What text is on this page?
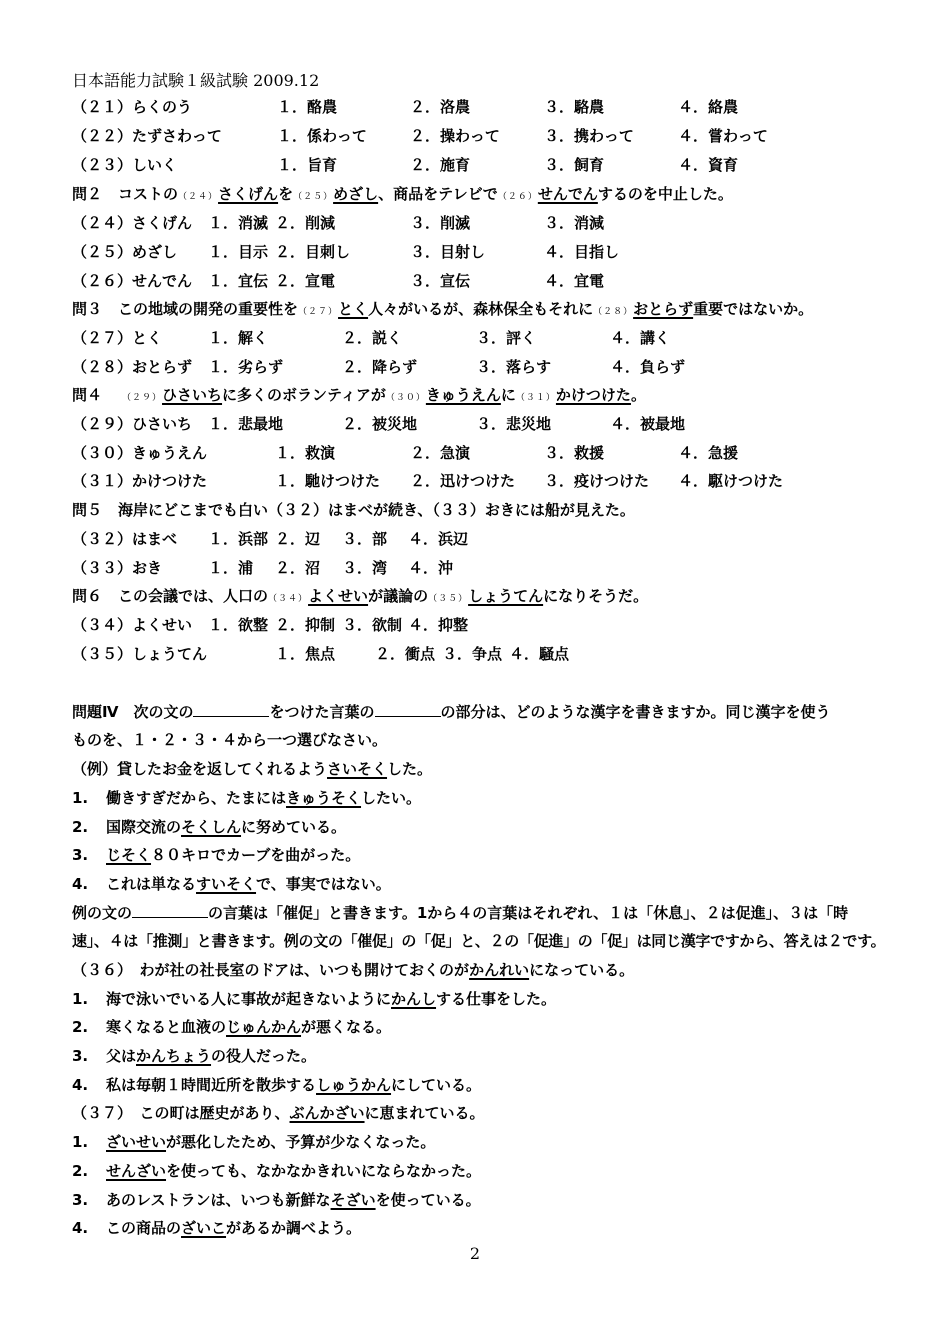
日本語能力試験１級試験 2009.12
（２１）らくのう	１．酪農	２．洛農	３．駱農	４．絡農
（２２）たずさわって	１．係わって	２．操わって	３．携わって	４．嘗わって
（２３）しいく	１．旨育	２．施育	３．飼育	４．資育
問２ コストの（２４）さくげんを（２５）めざし、商品をテレビで（２６）せんでんするのを中止した。
（２４）さくげん １．消滅 ２．削減	３．削滅	３．消減
（２５）めざし １．目示 ２．目刺し	３．目射し	４．目指し
（２６）せんでん １．宜伝 ２．宣電	３．宣伝	４．宜電
問３ この地域の開発の重要性を（２７）とく人々がいるが、森林保全もそれに（２８）おとらず重要ではないか。
（２７）とく	１．解く	２．説く	３．評く	４．講く
（２８）おとらず １．劣らず	２．降らず	３．落らす	４．負らず
問４ （２９）ひさいちに多くのボランティアが（３０）きゅうえんに（３１）かけつけた。
（２９）ひさいち １．悲最地	２．被災地	３．悲災地	４．被最地
（３０）きゅうえん	１．救演	２．急演	３．救援	４．急援
（３１）かけつけた	１．馳けつけた ２．迅けつけた ３．疫けつけた ４．駆けつけた
問５ 海岸にどこまでも白い（３２）はまべが続き、（３３）おきには船が見えた。
（３２）はまべ １．浜部 ２．辺 ３．部 ４．浜辺
（３３）おき	１．浦 ２．沼 ３．湾 ４．沖
問６ この会議では、人口の（３４）よくせいが議論の（３５）しょうてんになりそうだ。
（３４）よくせい １．欲整 ２．抑制 ３．欲制 ４．抑整
（３５）しょうてん	１．焦点	２．衝点 ３．争点 ４．騒点
問題Ⅳ　次の文の	をつけた言葉の	の部分は、どのような漢字を書きますか。同じ漢字を使う
ものを、１・２・３・４から一つ選びなさい。
（例）貸したお金を返してくれるようさいそくした。
1. 働きすぎだから、たまにはきゅうそくしたい。
2. 国際交流のそくしんに努めている。
3. じそく８０キロでカーブを曲がった。
4. これは単なるすいそくで、事実ではない。
例の文の	の言葉は「催促」と書きます。1から４の言葉はそれぞれ、１は「休息」、２は促進」、３は「時
速」、４は「推測」と書きます。例の文の「催促」の「促」と、２の「促進」の「促」は同じ漢字ですから、答えは２です。
（３６）　わが社の社長室のドアは、いつも開けておくのがかんれいになっている。
1. 海で泳いでいる人に事故が起きないようにかんしする仕事をした。
2. 寒くなると血液のじゅんかんが悪くなる。
3. 父はかんちょうの役人だった。
4. 私は毎朝１時間近所を散歩するしゅうかんにしている。
（３７）　この町は歴史があり、ぶんかざいに恵まれている。
1. ざいせいが悪化したため、予算が少なくなった。
2. せんざいを使っても、なかなかきれいにならなかった。
3. あのレストランは、いつも新鮮なそざいを使っている。
4. この商品のざいこがあるか調べよう。
2
